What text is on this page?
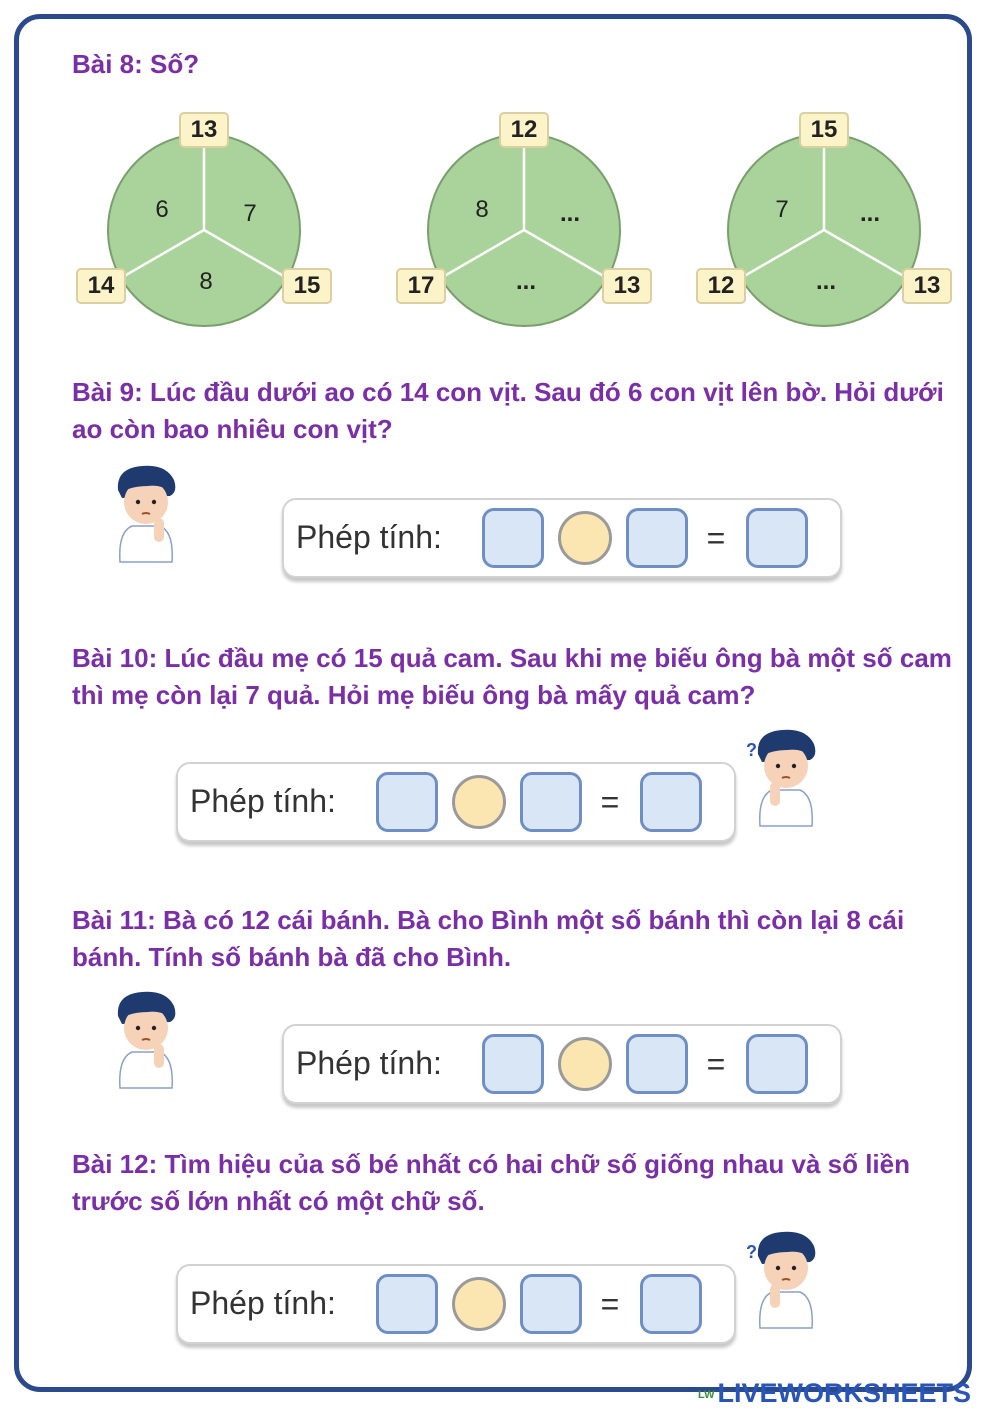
Bài 8: Số?
13
14	15
6	7
8
12
17	13
8	...
...
15
12	13
7	...
...
Bài 9: Lúc đầu dưới ao có 14 con vịt. Sau đó 6 con vịt lên bờ. Hỏi dưới ao còn bao nhiêu con vịt?
Phép tính:	=
Bài 10: Lúc đầu mẹ có 15 quả cam. Sau khi mẹ biếu ông bà một số cam thì mẹ còn lại 7 quả. Hỏi mẹ biếu ông bà mấy quả cam?
Phép tính:	=
?
Bài 11: Bà có 12 cái bánh. Bà cho Bình một số bánh thì còn lại 8 cái bánh. Tính số bánh bà đã cho Bình.
Phép tính:	=
Bài 12: Tìm hiệu của số bé nhất có hai chữ số giống nhau và số liền trước số lớn nhất có một chữ số.
Phép tính:	=
?
LW LIVEWORKSHEETS
